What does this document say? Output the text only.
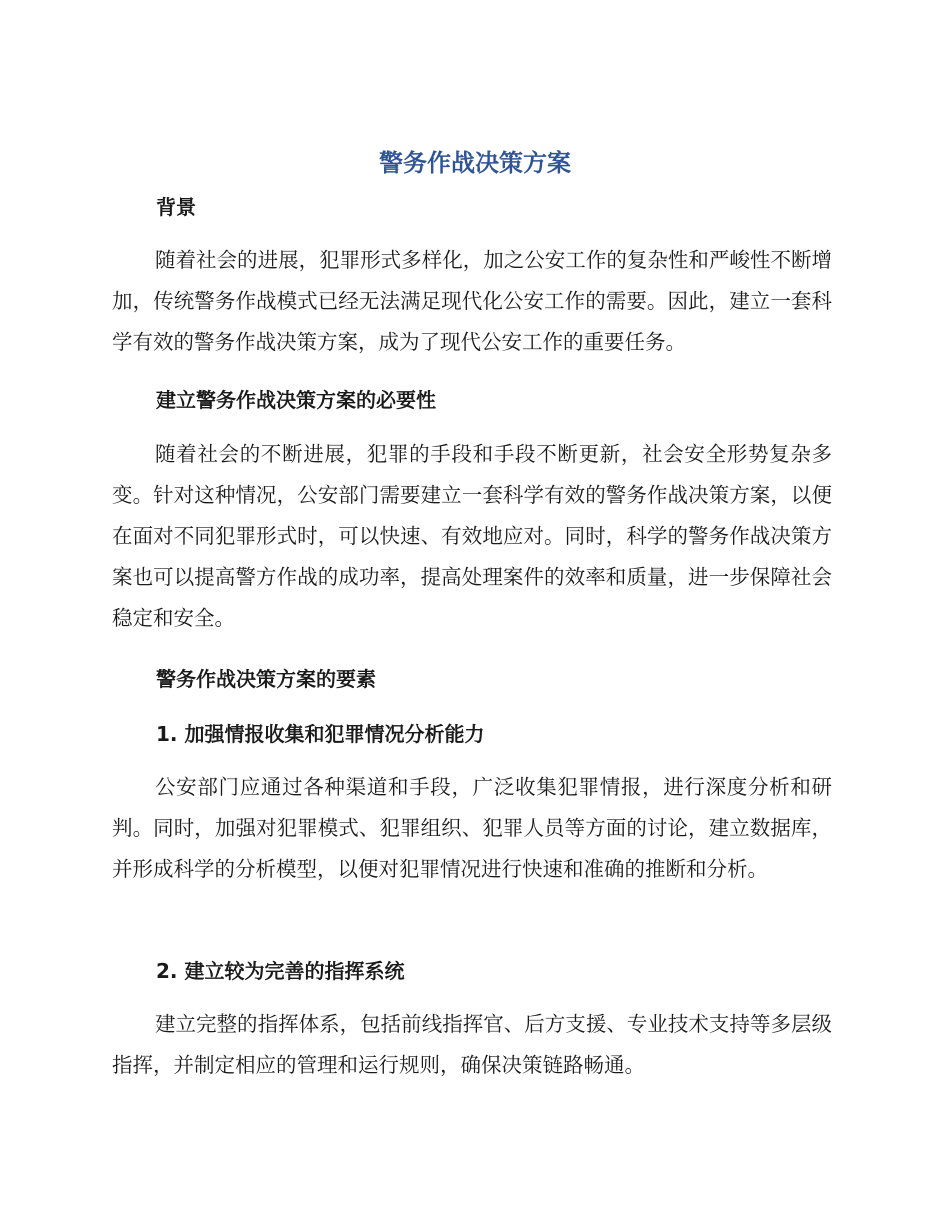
警务作战决策方案
背景

随着社会的进展，犯罪形式多样化，加之公安工作的复杂性和严峻性不断增加，传统警务作战模式已经无法满足现代化公安工作的需要。因此，建立一套科学有效的警务作战决策方案，成为了现代公安工作的重要任务。

建立警务作战决策方案的必要性

随着社会的不断进展，犯罪的手段和手段不断更新，社会安全形势复杂多变。针对这种情况，公安部门需要建立一套科学有效的警务作战决策方案，以便在面对不同犯罪形式时，可以快速、有效地应对。同时，科学的警务作战决策方案也可以提高警方作战的成功率，提高处理案件的效率和质量，进一步保障社会稳定和安全。

警务作战决策方案的要素
1. 加强情报收集和犯罪情况分析能力

公安部门应通过各种渠道和手段，广泛收集犯罪情报，进行深度分析和研判。同时，加强对犯罪模式、犯罪组织、犯罪人员等方面的讨论，建立数据库，并形成科学的分析模型，以便对犯罪情况进行快速和准确的推断和分析。

2. 建立较为完善的指挥系统

建立完整的指挥体系，包括前线指挥官、后方支援、专业技术支持等多层级指挥，并制定相应的管理和运行规则，确保决策链路畅通。
